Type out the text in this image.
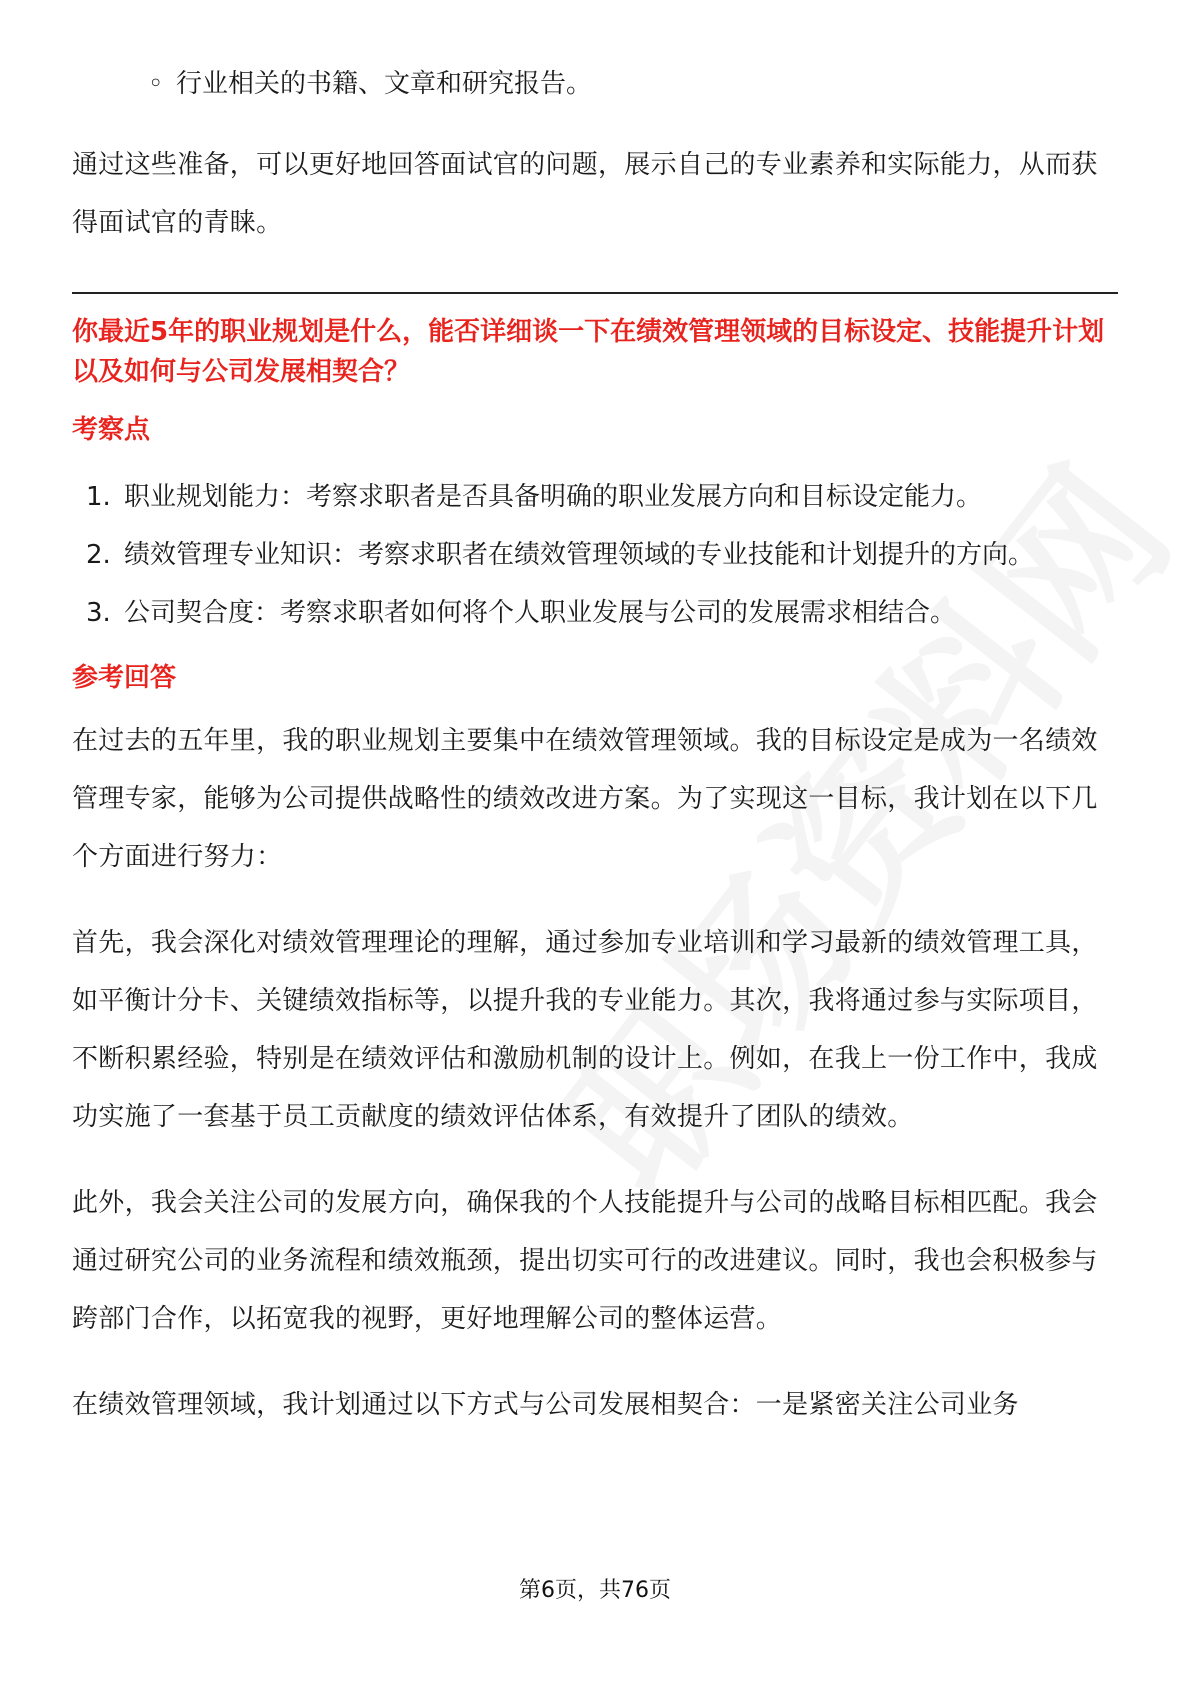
◦ 行业相关的书籍、文章和研究报告。

通过这些准备，可以更好地回答面试官的问题，展示自己的专业素养和实际能力，从而获得面试官的青睐。

你最近5年的职业规划是什么，能否详细谈一下在绩效管理领域的目标设定、技能提升计划以及如何与公司发展相契合？
考察点
1. 职业规划能力：考察求职者是否具备明确的职业发展方向和目标设定能力。
2. 绩效管理专业知识：考察求职者在绩效管理领域的专业技能和计划提升的方向。
3. 公司契合度：考察求职者如何将个人职业发展与公司的发展需求相结合。
参考回答

在过去的五年里，我的职业规划主要集中在绩效管理领域。我的目标设定是成为一名绩效管理专家，能够为公司提供战略性的绩效改进方案。为了实现这一目标，我计划在以下几个方面进行努力：

首先，我会深化对绩效管理理论的理解，通过参加专业培训和学习最新的绩效管理工具，如平衡计分卡、关键绩效指标等，以提升我的专业能力。其次，我将通过参与实际项目，不断积累经验，特别是在绩效评估和激励机制的设计上。例如，在我上一份工作中，我成功实施了一套基于员工贡献度的绩效评估体系，有效提升了团队的绩效。

此外，我会关注公司的发展方向，确保我的个人技能提升与公司的战略目标相匹配。我会通过研究公司的业务流程和绩效瓶颈，提出切实可行的改进建议。同时，我也会积极参与跨部门合作，以拓宽我的视野，更好地理解公司的整体运营。

在绩效管理领域，我计划通过以下方式与公司发展相契合：一是紧密关注公司业务

第6页，共76页
